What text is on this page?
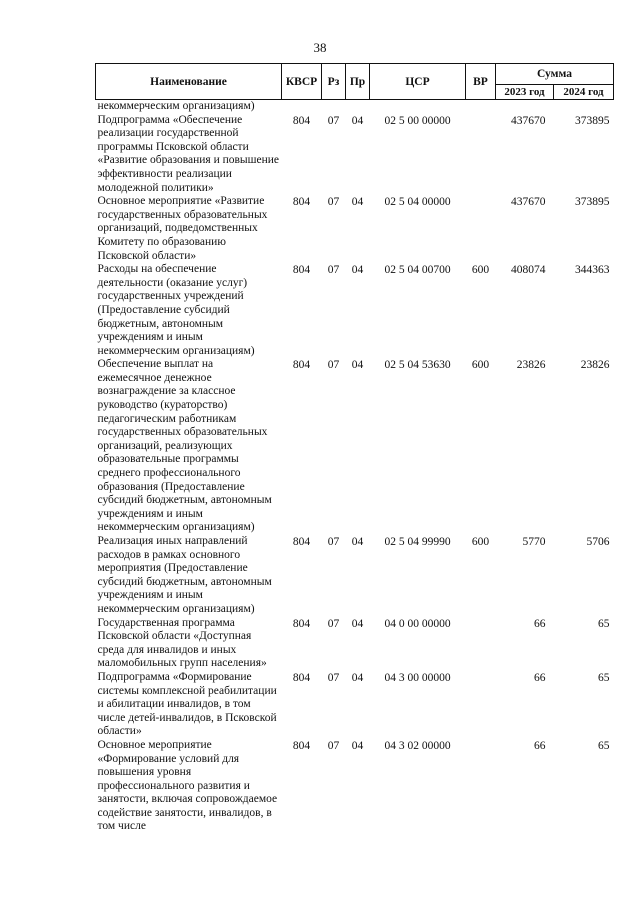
38
Наименование	КВСР	Рз	Пр	ЦСР	ВР	Сумма	
						2023 год	2024 год
некоммерческим организациям)							
Подпрограмма «Обеспечение реализации государственной программы Псковской области «Развитие образования и повышение эффективности реализации молодежной политики»	804	07	04	02 5 00 00000		437670	373895
Основное мероприятие «Развитие государственных образовательных организаций, подведомственных Комитету по образованию Псковской области»	804	07	04	02 5 04 00000		437670	373895
Расходы на обеспечение деятельности (оказание услуг) государственных учреждений (Предоставление субсидий бюджетным, автономным учреждениям и иным некоммерческим организациям)	804	07	04	02 5 04 00700	600	408074	344363
Обеспечение выплат на ежемесячное денежное вознаграждение за классное руководство (кураторство) педагогическим работникам государственных образовательных организаций, реализующих образовательные программы среднего профессионального образования (Предоставление субсидий бюджетным, автономным учреждениям и иным некоммерческим организациям)	804	07	04	02 5 04 53630	600	23826	23826
Реализация иных направлений расходов в рамках основного мероприятия (Предоставление субсидий бюджетным, автономным учреждениям и иным некоммерческим организациям)	804	07	04	02 5 04 99990	600	5770	5706
Государственная программа Псковской области «Доступная среда для инвалидов и иных маломобильных групп населения»	804	07	04	04 0 00 00000		66	65
Подпрограмма «Формирование системы комплексной реабилитации и абилитации инвалидов, в том числе детей-инвалидов, в Псковской области»	804	07	04	04 3 00 00000		66	65
Основное мероприятие «Формирование условий для повышения уровня профессионального развития и занятости, включая сопровождаемое содействие занятости, инвалидов, в том числе	804	07	04	04 3 02 00000		66	65
